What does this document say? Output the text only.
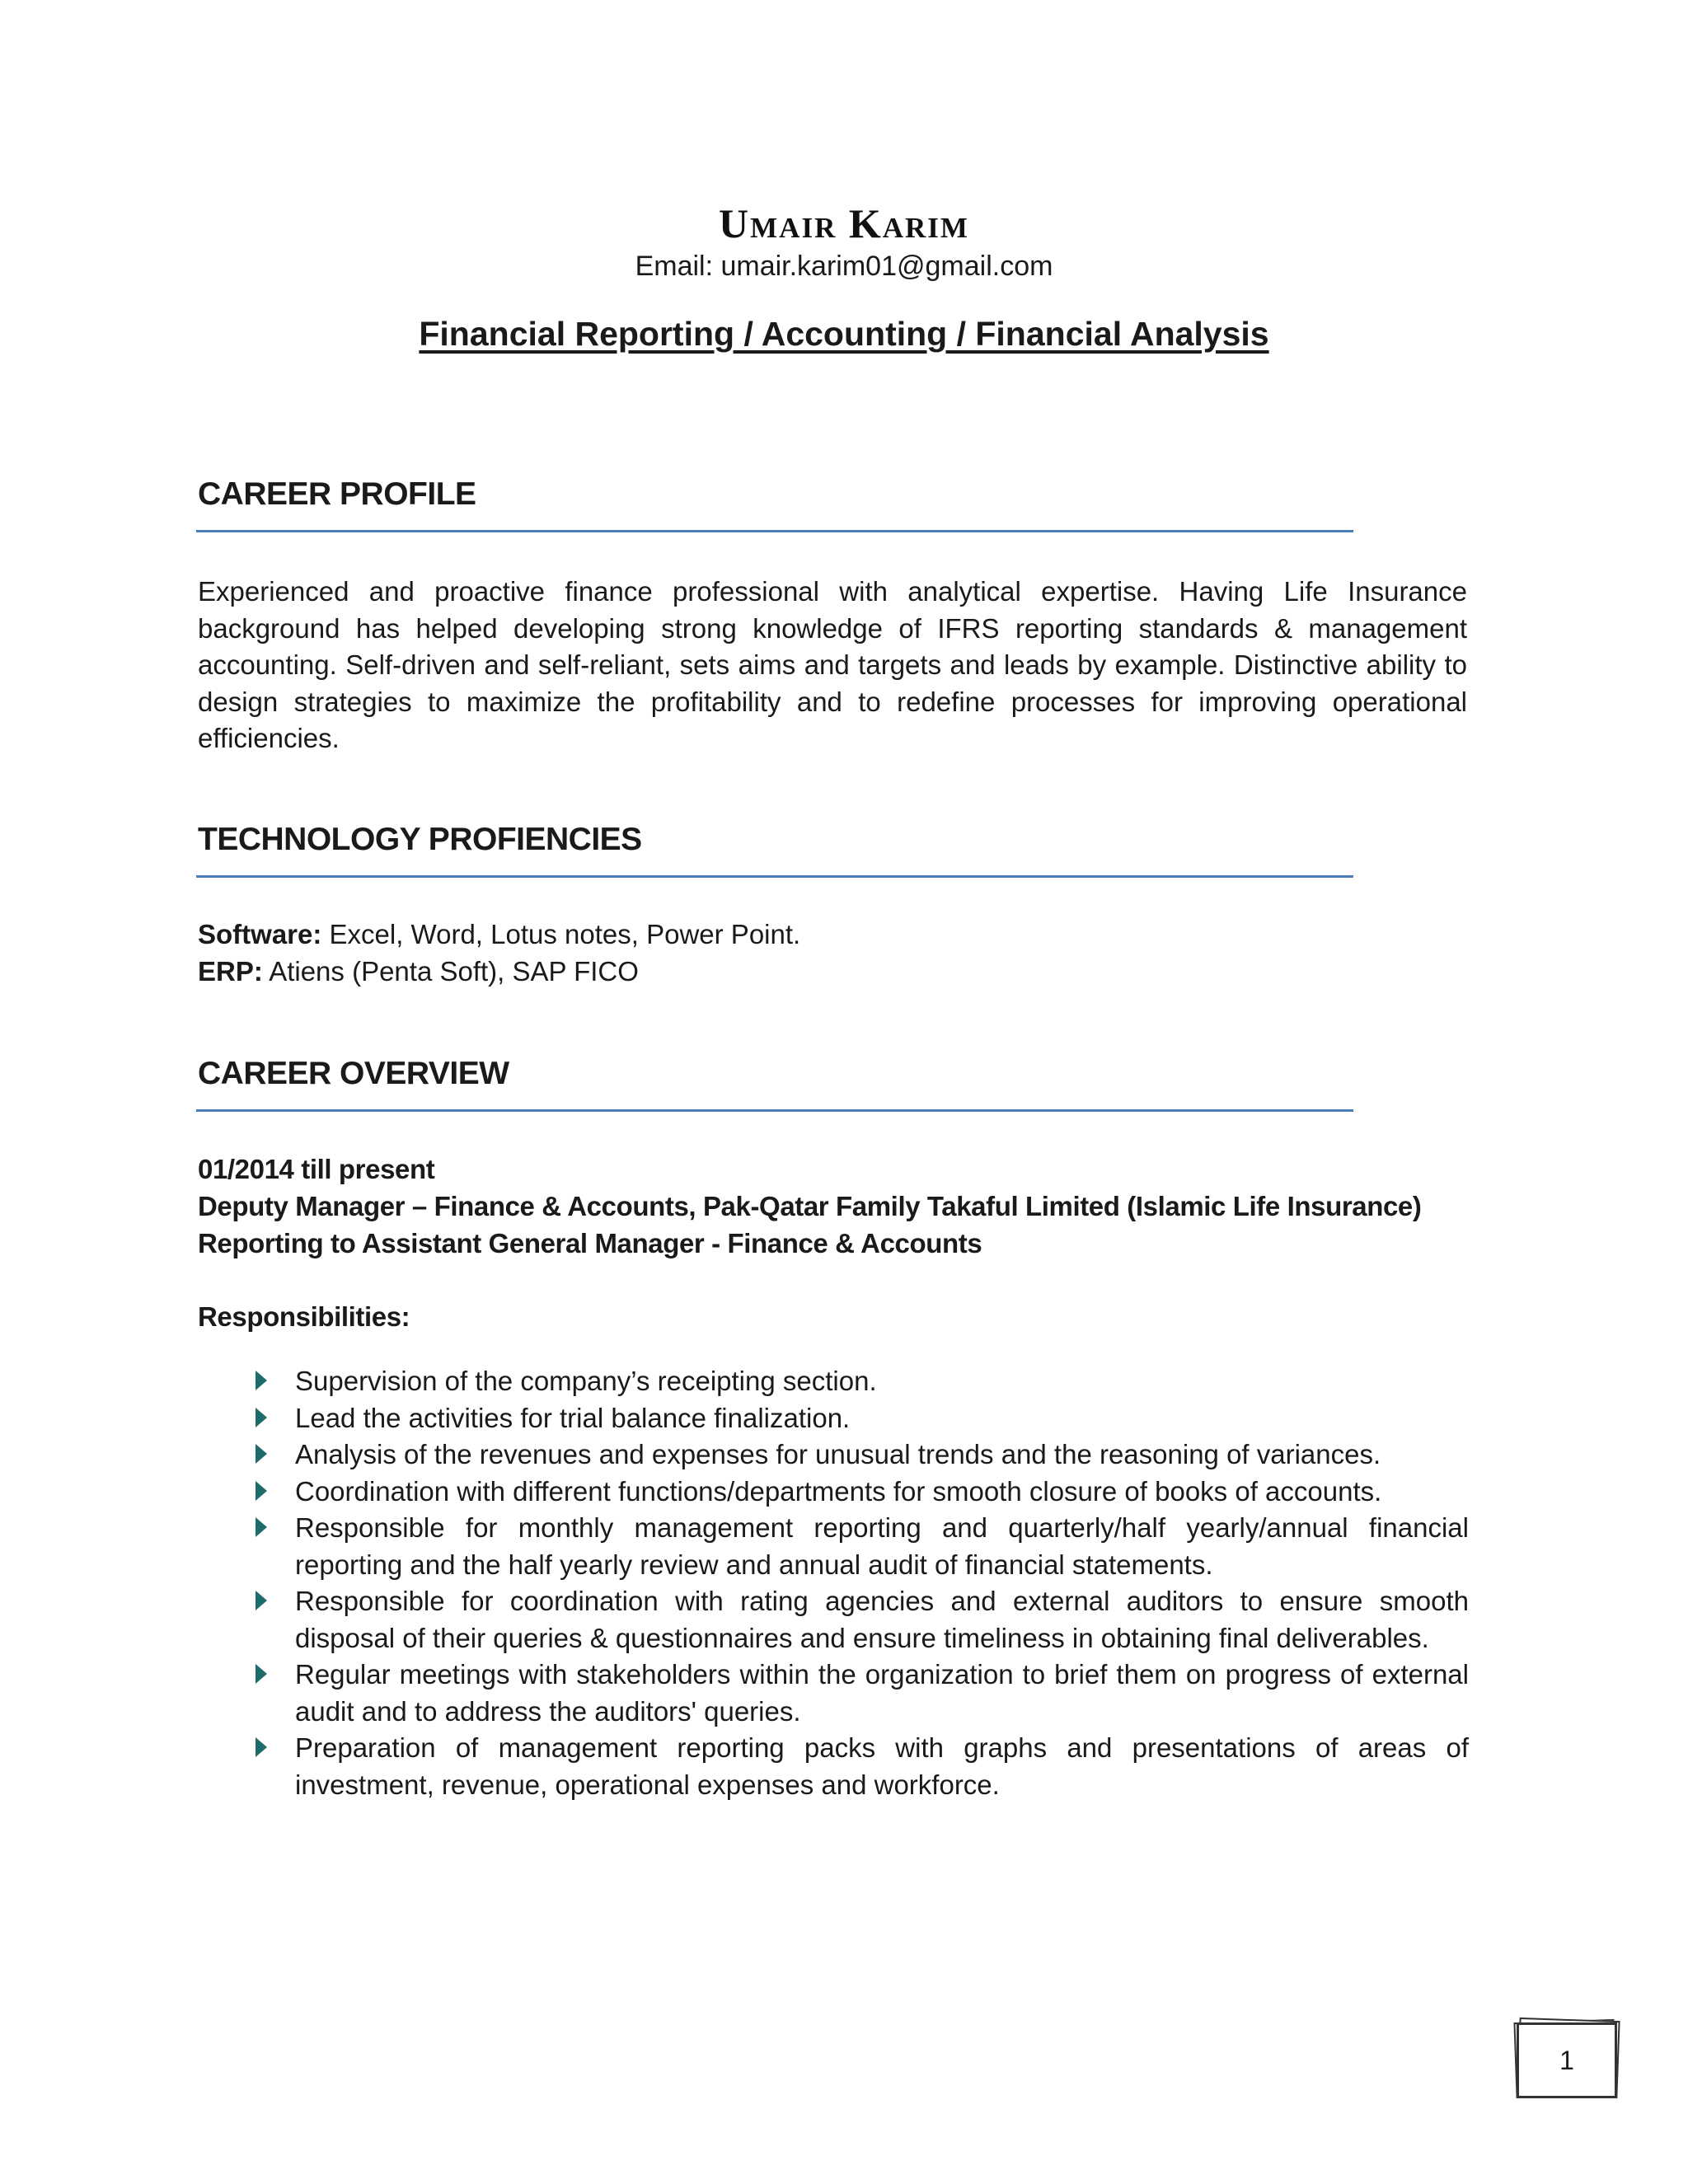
Umair Karim
Email: umair.karim01@gmail.com
Financial Reporting / Accounting / Financial Analysis
CAREER PROFILE
Experienced and proactive finance professional with analytical expertise. Having Life Insurance background has helped developing strong knowledge of IFRS reporting standards & management accounting. Self-driven and self-reliant, sets aims and targets and leads by example. Distinctive ability to design strategies to maximize the profitability and to redefine processes for improving operational efficiencies.
TECHNOLOGY PROFIENCIES
Software: Excel, Word, Lotus notes, Power Point.
ERP: Atiens (Penta Soft), SAP FICO
CAREER OVERVIEW
01/2014 till present
Deputy Manager – Finance & Accounts, Pak-Qatar Family Takaful Limited (Islamic Life Insurance)
Reporting to Assistant General Manager - Finance & Accounts
Responsibilities:
Supervision of the company’s receipting section.
Lead the activities for trial balance finalization.
Analysis of the revenues and expenses for unusual trends and the reasoning of variances.
Coordination with different functions/departments for smooth closure of books of accounts.
Responsible for monthly management reporting and quarterly/half yearly/annual financial reporting and the half yearly review and annual audit of financial statements.
Responsible for coordination with rating agencies and external auditors to ensure smooth disposal of their queries & questionnaires and ensure timeliness in obtaining final deliverables.
Regular meetings with stakeholders within the organization to brief them on progress of external audit and to address the auditors' queries.
Preparation of management reporting packs with graphs and presentations of areas of investment, revenue, operational expenses and workforce.
1
